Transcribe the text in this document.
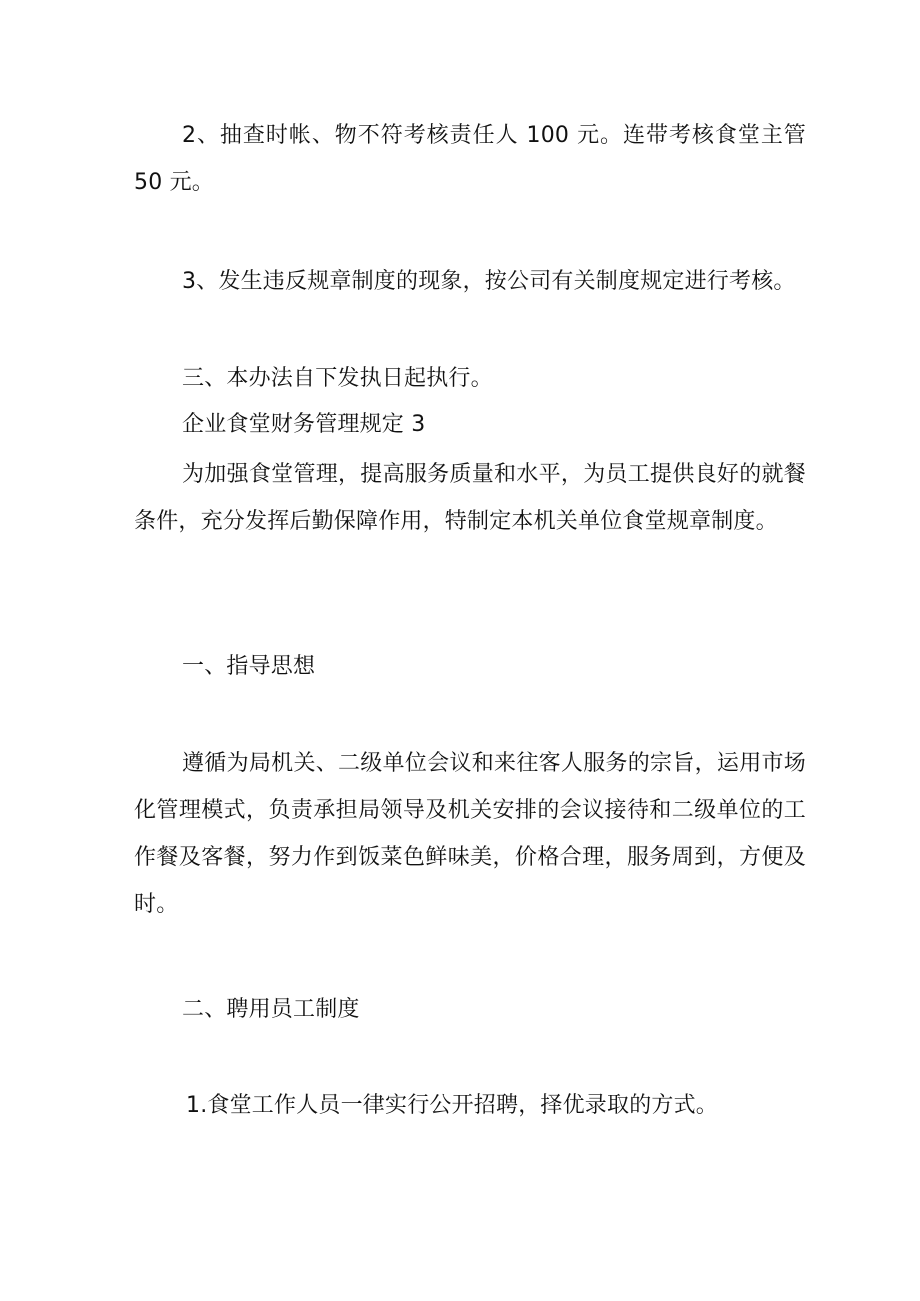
2、抽查时帐、物不符考核责任人 100 元。连带考核食堂主管 50 元。
3、发生违反规章制度的现象，按公司有关制度规定进行考核。
三、本办法自下发执日起执行。
企业食堂财务管理规定 3
为加强食堂管理，提高服务质量和水平，为员工提供良好的就餐条件，充分发挥后勤保障作用，特制定本机关单位食堂规章制度。
一、指导思想
遵循为局机关、二级单位会议和来往客人服务的宗旨，运用市场化管理模式，负责承担局领导及机关安排的会议接待和二级单位的工作餐及客餐，努力作到饭菜色鲜味美，价格合理，服务周到，方便及时。
二、聘用员工制度
1.食堂工作人员一律实行公开招聘，择优录取的方式。
